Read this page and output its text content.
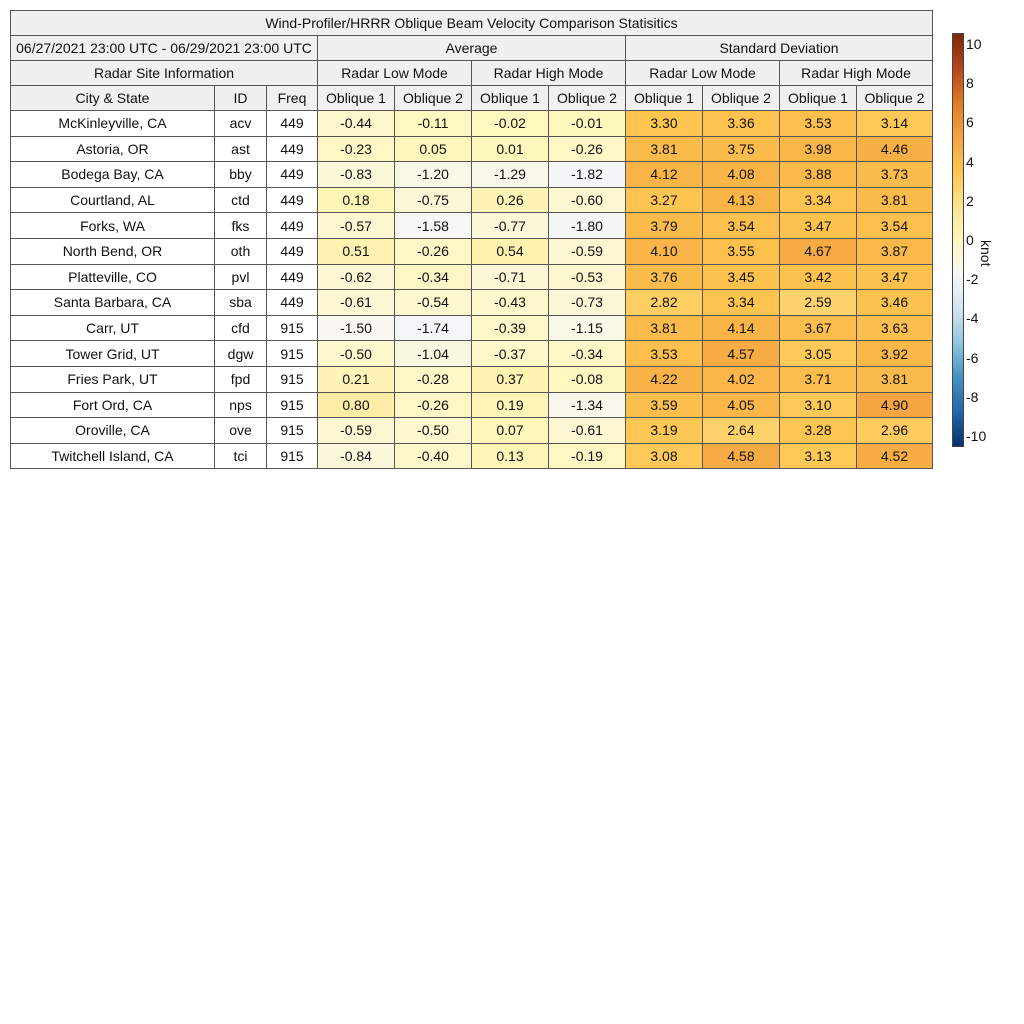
Wind-Profiler/HRRR Oblique Beam Velocity Comparison Statisitics										
06/27/2021 23:00 UTC - 06/29/2021 23:00 UTC			Average				Standard Deviation			
Radar Site Information			Radar Low Mode		Radar High Mode		Radar Low Mode		Radar High Mode	
City & State	ID	Freq	Oblique 1	Oblique 2	Oblique 1	Oblique 2	Oblique 1	Oblique 2	Oblique 1	Oblique 2
McKinleyville, CA	acv	449	-0.44	-0.11	-0.02	-0.01	3.30	3.36	3.53	3.14
Astoria, OR	ast	449	-0.23	0.05	0.01	-0.26	3.81	3.75	3.98	4.46
Bodega Bay, CA	bby	449	-0.83	-1.20	-1.29	-1.82	4.12	4.08	3.88	3.73
Courtland, AL	ctd	449	0.18	-0.75	0.26	-0.60	3.27	4.13	3.34	3.81
Forks, WA	fks	449	-0.57	-1.58	-0.77	-1.80	3.79	3.54	3.47	3.54
North Bend, OR	oth	449	0.51	-0.26	0.54	-0.59	4.10	3.55	4.67	3.87
Platteville, CO	pvl	449	-0.62	-0.34	-0.71	-0.53	3.76	3.45	3.42	3.47
Santa Barbara, CA	sba	449	-0.61	-0.54	-0.43	-0.73	2.82	3.34	2.59	3.46
Carr, UT	cfd	915	-1.50	-1.74	-0.39	-1.15	3.81	4.14	3.67	3.63
Tower Grid, UT	dgw	915	-0.50	-1.04	-0.37	-0.34	3.53	4.57	3.05	3.92
Fries Park, UT	fpd	915	0.21	-0.28	0.37	-0.08	4.22	4.02	3.71	3.81
Fort Ord, CA	nps	915	0.80	-0.26	0.19	-1.34	3.59	4.05	3.10	4.90
Oroville, CA	ove	915	-0.59	-0.50	0.07	-0.61	3.19	2.64	3.28	2.96
Twitchell Island, CA	tci	915	-0.84	-0.40	0.13	-0.19	3.08	4.58	3.13	4.52
10
8
6
4
2
0
-2
-4
-6
-8
-10
knot
